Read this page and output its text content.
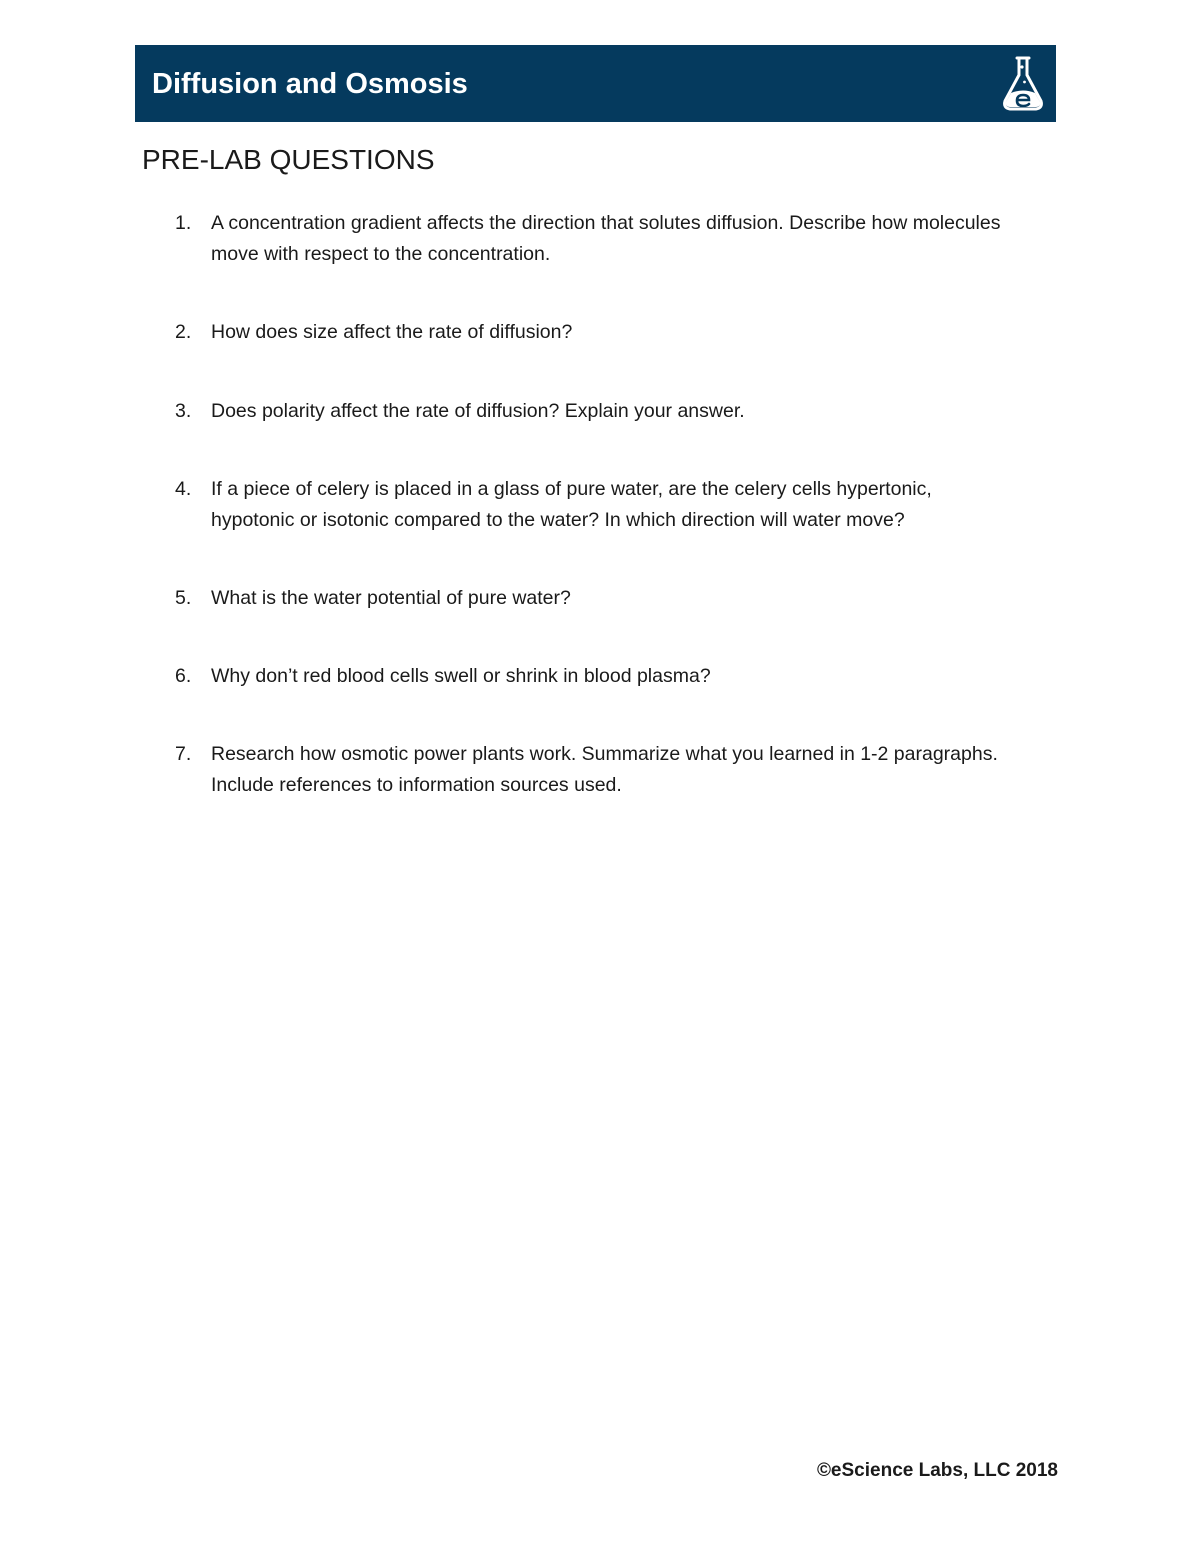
Diffusion and Osmosis
PRE-LAB QUESTIONS
1. A concentration gradient affects the direction that solutes diffusion. Describe how molecules move with respect to the concentration.
2. How does size affect the rate of diffusion?
3. Does polarity affect the rate of diffusion? Explain your answer.
4. If a piece of celery is placed in a glass of pure water, are the celery cells hypertonic, hypotonic or isotonic compared to the water? In which direction will water move?
5. What is the water potential of pure water?
6. Why don’t red blood cells swell or shrink in blood plasma?
7. Research how osmotic power plants work. Summarize what you learned in 1-2 paragraphs. Include references to information sources used.
©eScience Labs, LLC 2018
